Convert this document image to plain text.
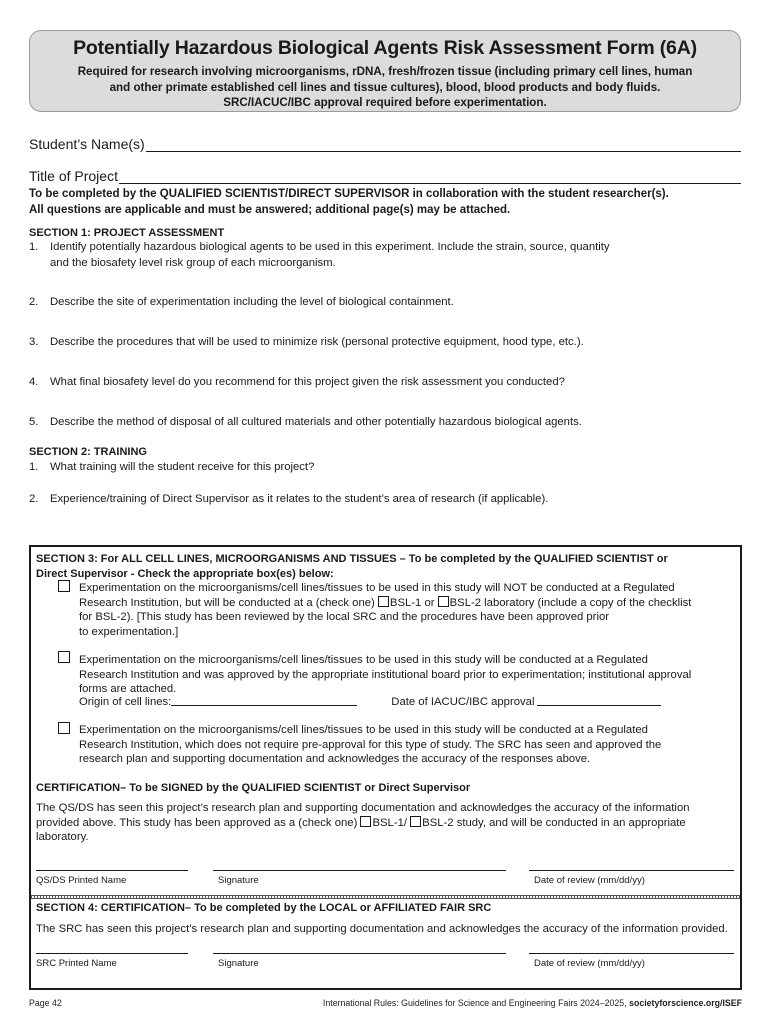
Potentially Hazardous Biological Agents Risk Assessment Form (6A)
Required for research involving microorganisms, rDNA, fresh/frozen tissue (including primary cell lines, human
and other primate established cell lines and tissue cultures), blood, blood products and body fluids.
SRC/IACUC/IBC approval required before experimentation.
Student’s Name(s)
Title of Project
To be completed by the QUALIFIED SCIENTIST/DIRECT SUPERVISOR in collaboration with the student researcher(s).
All questions are applicable and must be answered; additional page(s) may be attached.
SECTION 1: PROJECT ASSESSMENT
1.	Identify potentially hazardous biological agents to be used in this experiment. Include the strain, source, quantity
and the biosafety level risk group of each microorganism.
2.	Describe the site of experimentation including the level of biological containment.
3.	Describe the procedures that will be used to minimize risk (personal protective equipment, hood type, etc.).
4.	What final biosafety level do you recommend for this project given the risk assessment you conducted?
5.	Describe the method of disposal of all cultured materials and other potentially hazardous biological agents.
SECTION 2: TRAINING
1.	What training will the student receive for this project?
2.	Experience/training of Direct Supervisor as it relates to the student’s area of research (if applicable).
SECTION 3: For ALL CELL LINES, MICROORGANISMS AND TISSUES – To be completed by the QUALIFIED SCIENTIST or
Direct Supervisor - Check the appropriate box(es) below:
Experimentation on the microorganisms/cell lines/tissues to be used in this study will NOT be conducted at a Regulated
Research Institution, but will be conducted at a (check one) BSL-1 or BSL-2 laboratory (include a copy of the checklist
for BSL-2). [This study has been reviewed by the local SRC and the procedures have been approved prior
to experimentation.]
Experimentation on the microorganisms/cell lines/tissues to be used in this study will be conducted at a Regulated
Research Institution and was approved by the appropriate institutional board prior to experimentation; institutional approval
forms are attached.
Origin of cell lines:	Date of IACUC/IBC approval
Experimentation on the microorganisms/cell lines/tissues to be used in this study will be conducted at a Regulated
Research Institution, which does not require pre-approval for this type of study. The SRC has seen and approved the
research plan and supporting documentation and acknowledges the accuracy of the responses above.
CERTIFICATION– To be SIGNED by the QUALIFIED SCIENTIST or Direct Supervisor
The QS/DS has seen this project’s research plan and supporting documentation and acknowledges the accuracy of the information
provided above. This study has been approved as a (check one) BSL-1/ BSL-2 study, and will be conducted in an appropriate
laboratory.
QS/DS Printed Name	Signature	Date of review (mm/dd/yy)
SECTION 4: CERTIFICATION– To be completed by the LOCAL or AFFILIATED FAIR SRC
The SRC has seen this project’s research plan and supporting documentation and acknowledges the accuracy of the information provided.
SRC Printed Name	Signature	Date of review (mm/dd/yy)
Page 42	International Rules: Guidelines for Science and Engineering Fairs 2024–2025, societyforscience.org/ISEF
